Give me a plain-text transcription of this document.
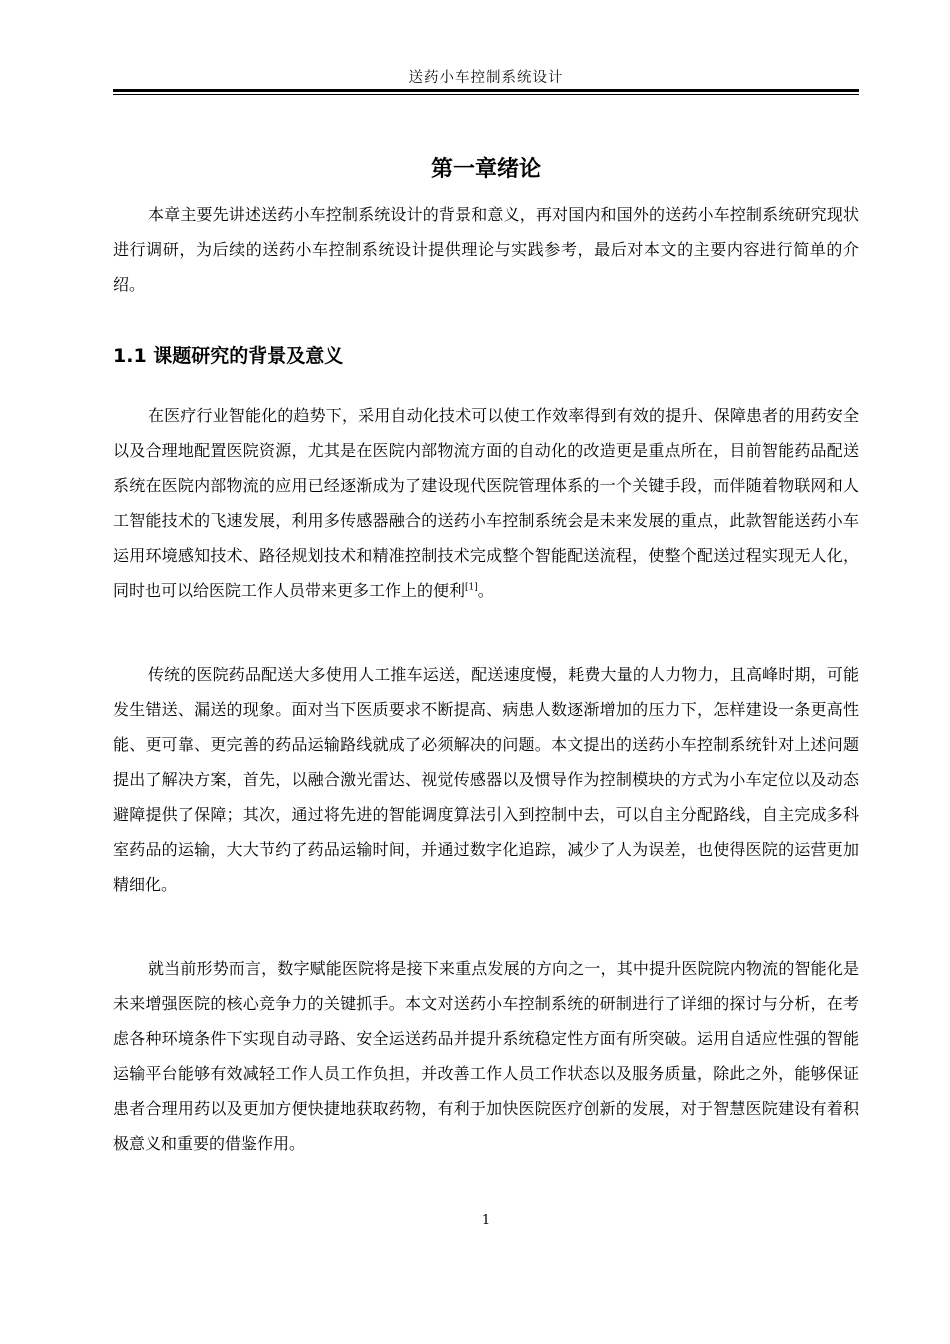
送药小车控制系统设计
第一章绪论

本章主要先讲述送药小车控制系统设计的背景和意义，再对国内和国外的送药小车控制系统研究现状进行调研，为后续的送药小车控制系统设计提供理论与实践参考，最后对本文的主要内容进行简单的介绍。

1.1 课题研究的背景及意义

在医疗行业智能化的趋势下，采用自动化技术可以使工作效率得到有效的提升、保障患者的用药安全以及合理地配置医院资源，尤其是在医院内部物流方面的自动化的改造更是重点所在，目前智能药品配送系统在医院内部物流的应用已经逐渐成为了建设现代医院管理体系的一个关键手段，而伴随着物联网和人工智能技术的飞速发展，利用多传感器融合的送药小车控制系统会是未来发展的重点，此款智能送药小车运用环境感知技术、路径规划技术和精准控制技术完成整个智能配送流程，使整个配送过程实现无人化，同时也可以给医院工作人员带来更多工作上的便利[1]。

传统的医院药品配送大多使用人工推车运送，配送速度慢，耗费大量的人力物力，且高峰时期，可能发生错送、漏送的现象。面对当下医质要求不断提高、病患人数逐渐增加的压力下，怎样建设一条更高性能、更可靠、更完善的药品运输路线就成了必须解决的问题。本文提出的送药小车控制系统针对上述问题提出了解决方案，首先，以融合激光雷达、视觉传感器以及惯导作为控制模块的方式为小车定位以及动态避障提供了保障；其次，通过将先进的智能调度算法引入到控制中去，可以自主分配路线，自主完成多科室药品的运输，大大节约了药品运输时间，并通过数字化追踪，减少了人为误差，也使得医院的运营更加精细化。

就当前形势而言，数字赋能医院将是接下来重点发展的方向之一，其中提升医院院内物流的智能化是未来增强医院的核心竞争力的关键抓手。本文对送药小车控制系统的研制进行了详细的探讨与分析，在考虑各种环境条件下实现自动寻路、安全运送药品并提升系统稳定性方面有所突破。运用自适应性强的智能运输平台能够有效减轻工作人员工作负担，并改善工作人员工作状态以及服务质量，除此之外，能够保证患者合理用药以及更加方便快捷地获取药物，有利于加快医院医疗创新的发展，对于智慧医院建设有着积极意义和重要的借鉴作用。

1
